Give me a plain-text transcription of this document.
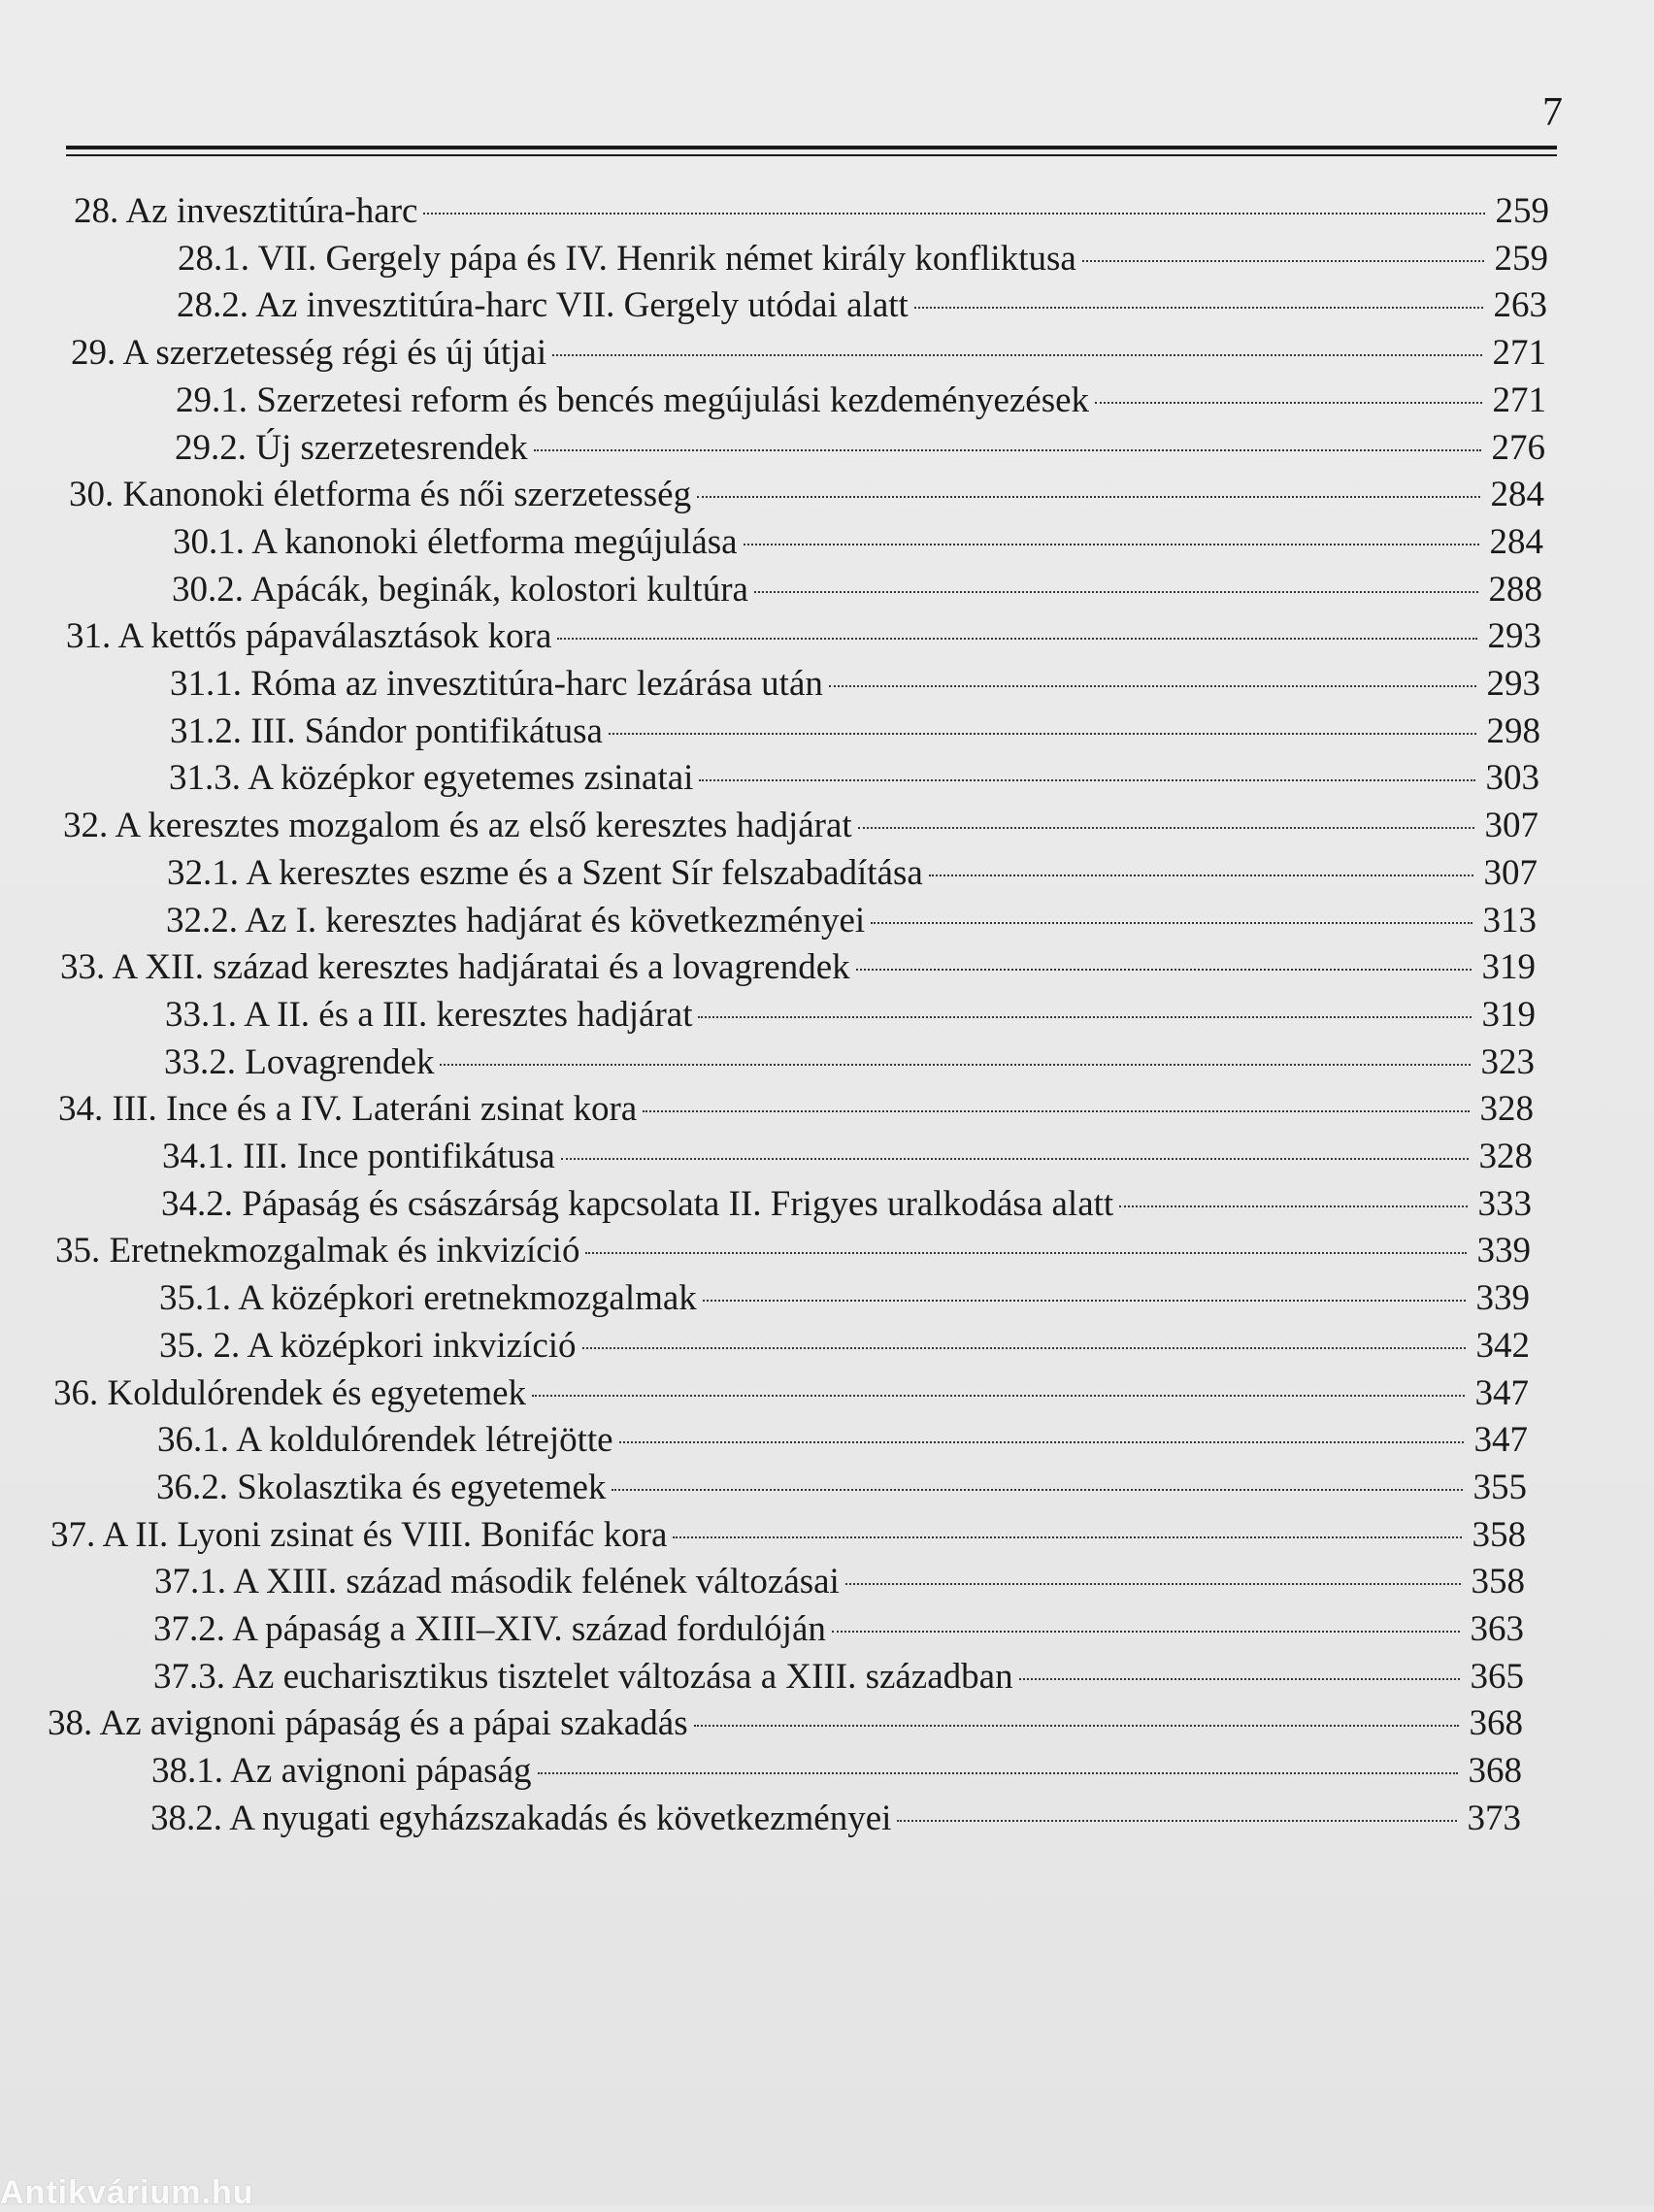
7
28. Az invesztitúra-harc	259
28.1. VII. Gergely pápa és IV. Henrik német király konfliktusa	259
28.2. Az invesztitúra-harc VII. Gergely utódai alatt	263
29. A szerzetesség régi és új útjai	271
29.1. Szerzetesi reform és bencés megújulási kezdeményezések	271
29.2. Új szerzetesrendek	276
30. Kanonoki életforma és női szerzetesség	284
30.1. A kanonoki életforma megújulása	284
30.2. Apácák, beginák, kolostori kultúra	288
31. A kettős pápaválasztások kora	293
31.1. Róma az invesztitúra-harc lezárása után	293
31.2. III. Sándor pontifikátusa	298
31.3. A középkor egyetemes zsinatai	303
32. A keresztes mozgalom és az első keresztes hadjárat	307
32.1. A keresztes eszme és a Szent Sír felszabadítása	307
32.2. Az I. keresztes hadjárat és következményei	313
33. A XII. század keresztes hadjáratai és a lovagrendek	319
33.1. A II. és a III. keresztes hadjárat	319
33.2. Lovagrendek	323
34. III. Ince és a IV. Lateráni zsinat kora	328
34.1. III. Ince pontifikátusa	328
34.2. Pápaság és császárság kapcsolata II. Frigyes uralkodása alatt	333
35. Eretnekmozgalmak és inkvizíció	339
35.1. A középkori eretnekmozgalmak	339
35. 2. A középkori inkvizíció	342
36. Koldulórendek és egyetemek	347
36.1. A koldulórendek létrejötte	347
36.2. Skolasztika és egyetemek	355
37. A II. Lyoni zsinat és VIII. Bonifác kora	358
37.1. A XIII. század második felének változásai	358
37.2. A pápaság a XIII–XIV. század fordulóján	363
37.3. Az eucharisztikus tisztelet változása a XIII. században	365
38. Az avignoni pápaság és a pápai szakadás	368
38.1. Az avignoni pápaság	368
38.2. A nyugati egyházszakadás és következményei	373
Antikvárium.hu
